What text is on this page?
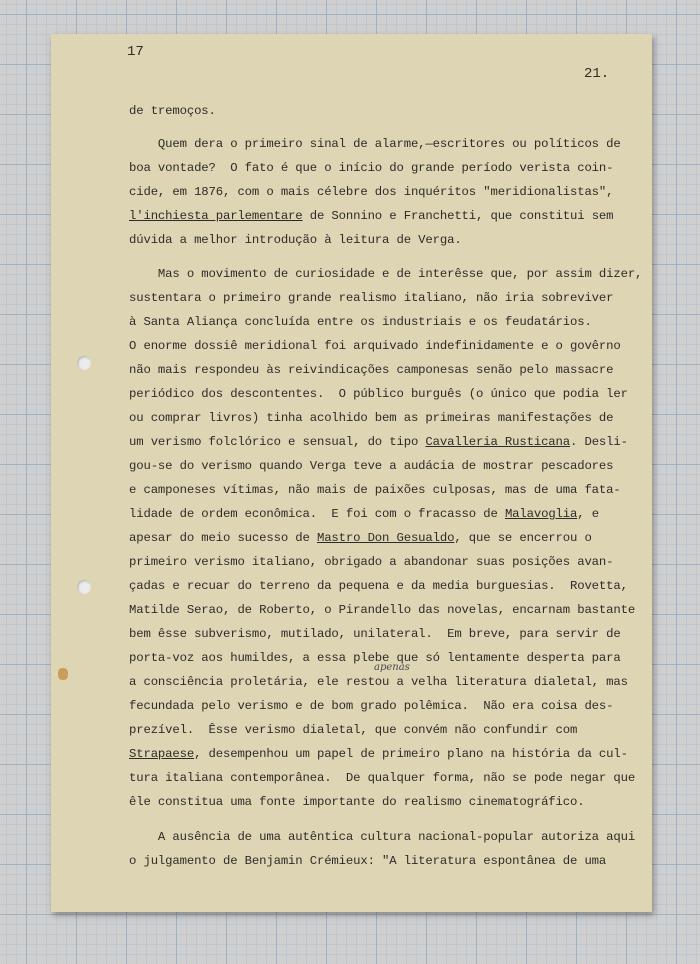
17
21.
de tremoços.
Quem dera o primeiro sinal de alarme,—escritores ou políticos de
boa vontade?  O fato é que o início do grande período verista coin-
cide, em 1876, com o mais célebre dos inquéritos "meridionalistas",
l'inchiesta parlementare de Sonnino e Franchetti, que constitui sem
dúvida a melhor introdução à leitura de Verga.
Mas o movimento de curiosidade e de interêsse que, por assim dizer,
sustentara o primeiro grande realismo italiano, não iria sobreviver
à Santa Aliança concluída entre os industriais e os feudatários.
O enorme dossiê meridional foi arquivado indefinidamente e o govêrno
não mais respondeu às reivindicações camponesas senão pelo massacre
periódico dos descontentes.  O público burguês (o único que podia ler
ou comprar livros) tinha acolhido bem as primeiras manifestações de
um verismo folclórico e sensual, do tipo Cavalleria Rusticana. Desli-
gou-se do verismo quando Verga teve a audácia de mostrar pescadores
e camponeses vítimas, não mais de paixões culposas, mas de uma fata-
lidade de ordem econômica.  E foi com o fracasso de Malavoglia, e
apesar do meio sucesso de Mastro Don Gesualdo, que se encerrou o
primeiro verismo italiano, obrigado a abandonar suas posições avan-
çadas e recuar do terreno da pequena e da media burguesias.  Rovetta,
Matilde Serao, de Roberto, o Pirandello das novelas, encarnam bastante
bem êsse subverismo, mutilado, unilateral.  Em breve, para servir de
porta-voz aos humildes, a essa plebe que só lentamente desperta para
a consciência proletária, ele restou a velha literatura dialetal, mas
fecundada pelo verismo e de bom grado polêmica.  Não era coisa des-
prezível.  Êsse verismo dialetal, que convém não confundir com
Strapaese, desempenhou um papel de primeiro plano na história da cul-
tura italiana contemporânea.  De qualquer forma, não se pode negar que
êle constitua uma fonte importante do realismo cinematográfico.
A ausência de uma autêntica cultura nacional-popular autoriza aqui
o julgamento de Benjamin Crémieux: "A literatura espontânea de uma
apenas
